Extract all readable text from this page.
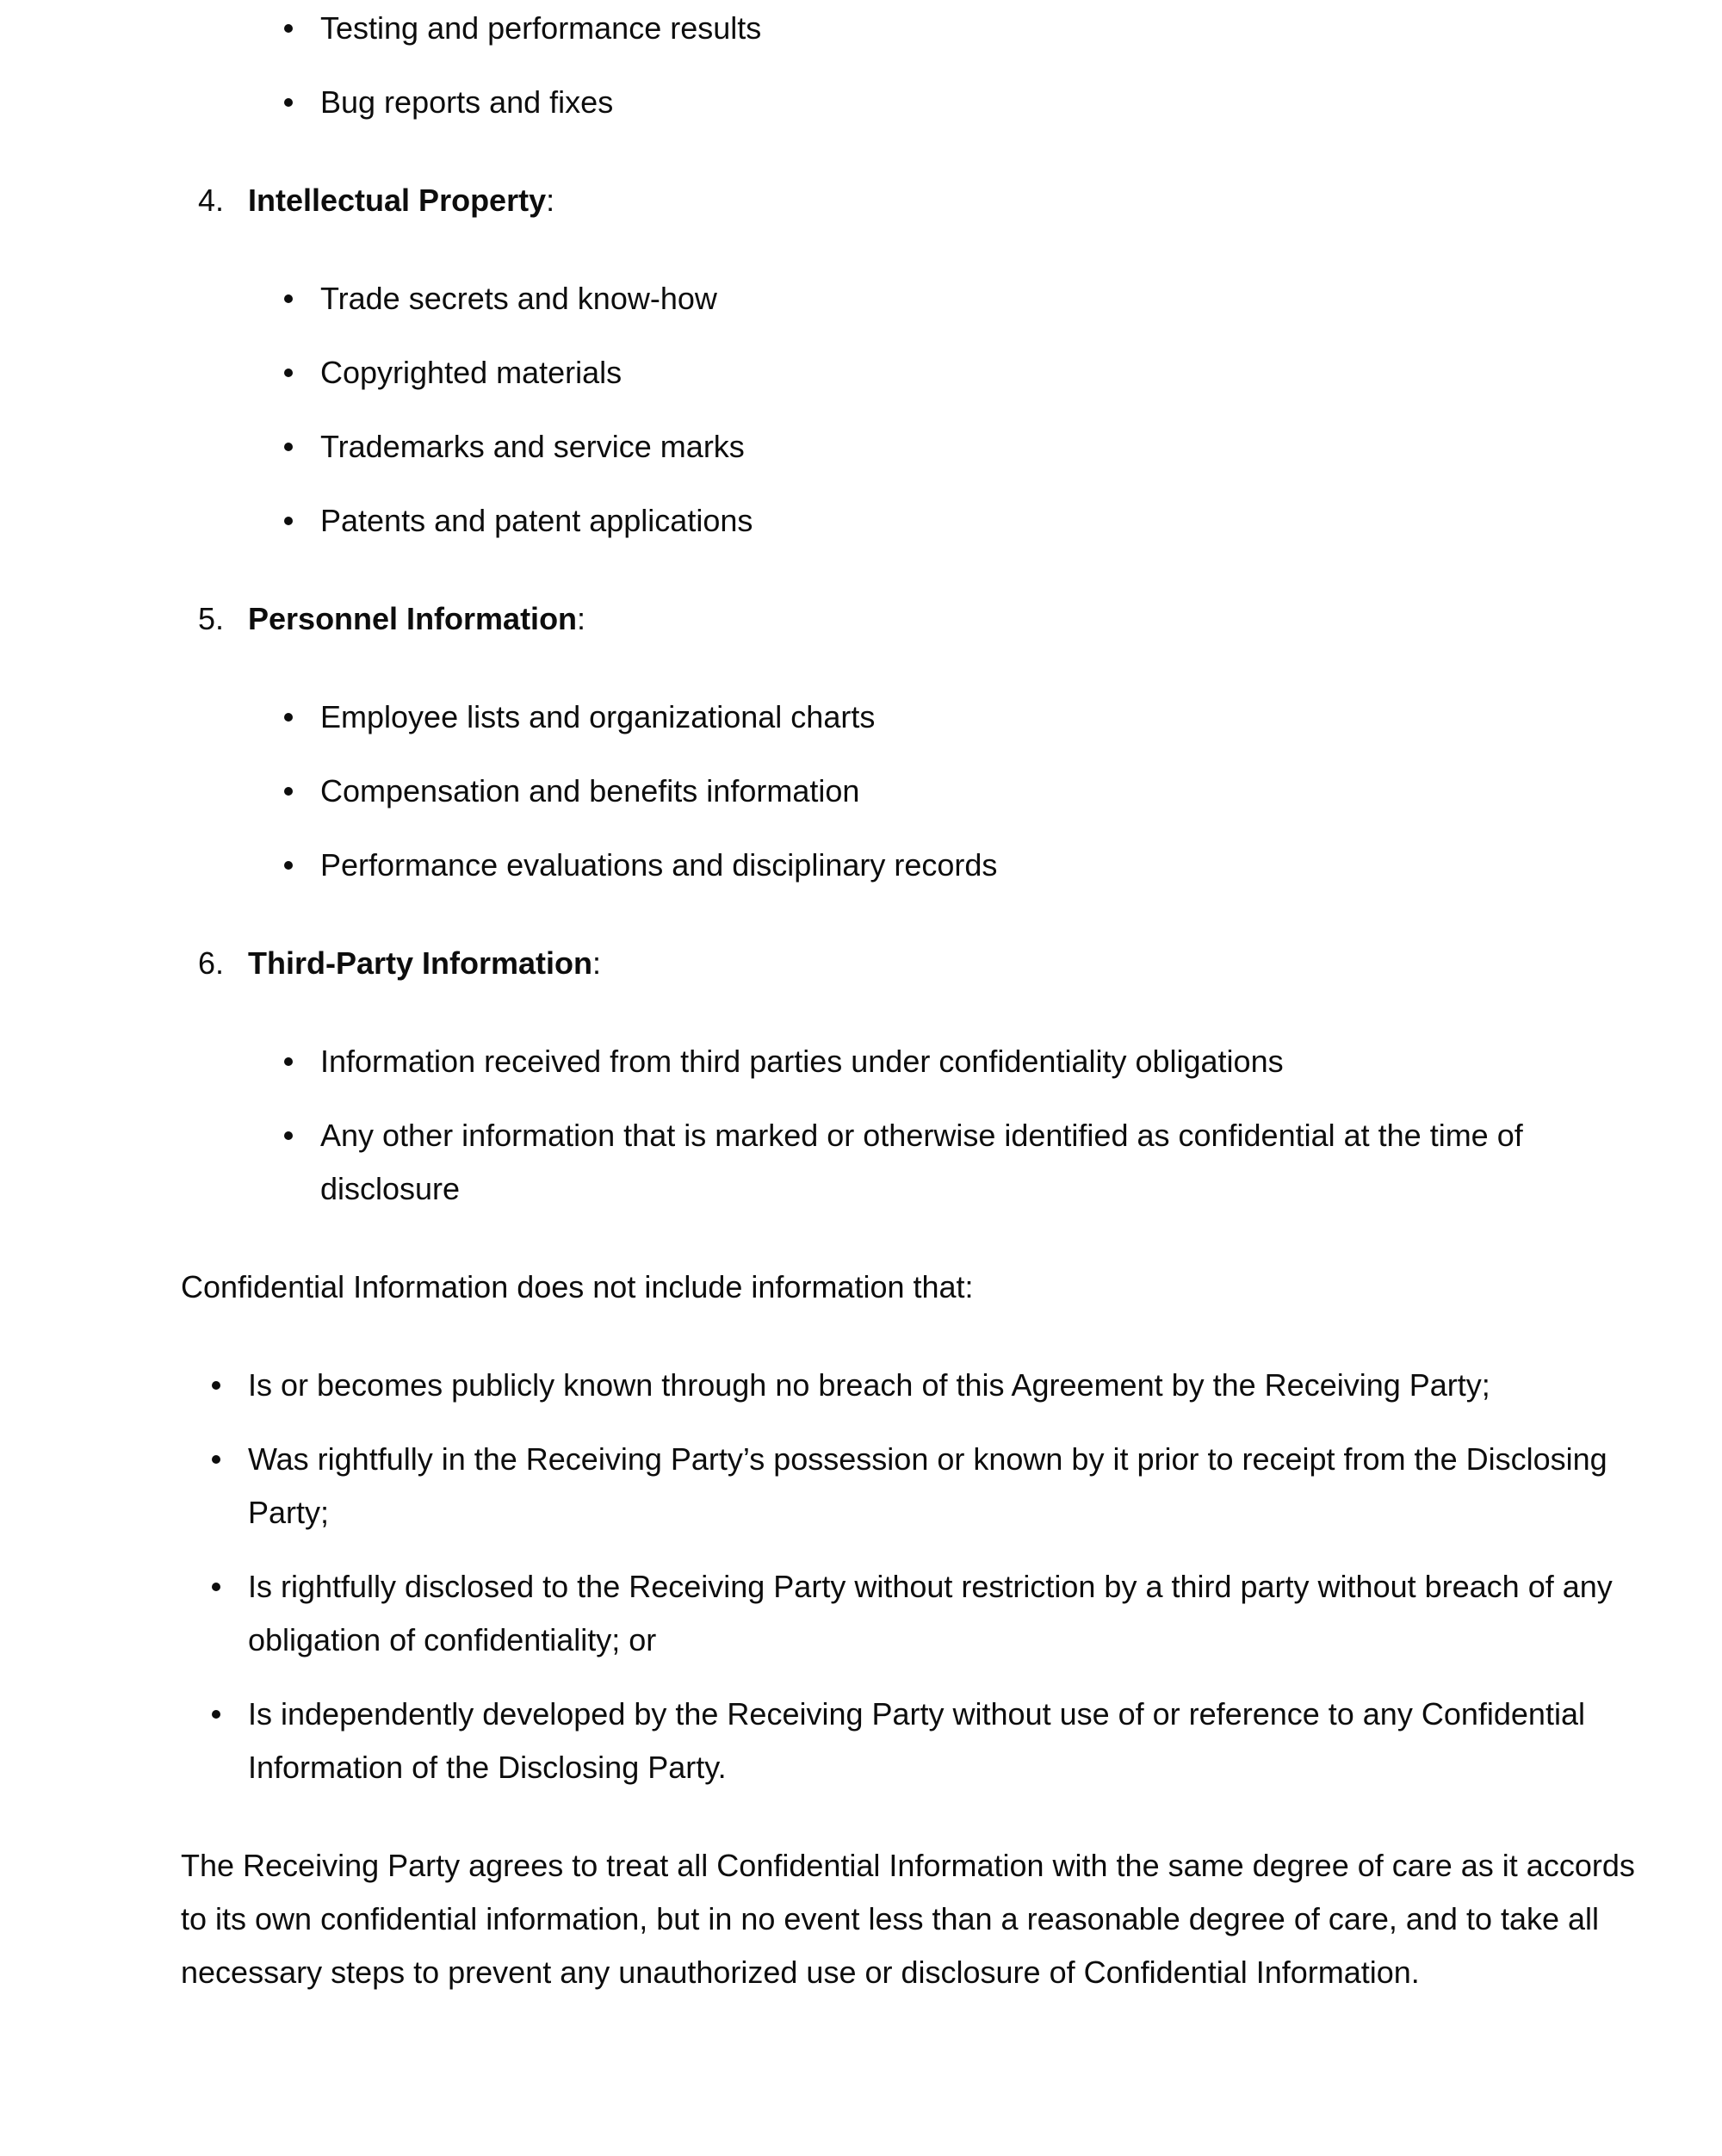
Testing and performance results
Bug reports and fixes
4. Intellectual Property:
Trade secrets and know-how
Copyrighted materials
Trademarks and service marks
Patents and patent applications
5. Personnel Information:
Employee lists and organizational charts
Compensation and benefits information
Performance evaluations and disciplinary records
6. Third-Party Information:
Information received from third parties under confidentiality obligations
Any other information that is marked or otherwise identified as confidential at the time of disclosure

Confidential Information does not include information that:

Is or becomes publicly known through no breach of this Agreement by the Receiving Party;
Was rightfully in the Receiving Party’s possession or known by it prior to receipt from the Disclosing Party;
Is rightfully disclosed to the Receiving Party without restriction by a third party without breach of any obligation of confidentiality; or
Is independently developed by the Receiving Party without use of or reference to any Confidential Information of the Disclosing Party.

The Receiving Party agrees to treat all Confidential Information with the same degree of care as it accords to its own confidential information, but in no event less than a reasonable degree of care, and to take all necessary steps to prevent any unauthorized use or disclosure of Confidential Information.
